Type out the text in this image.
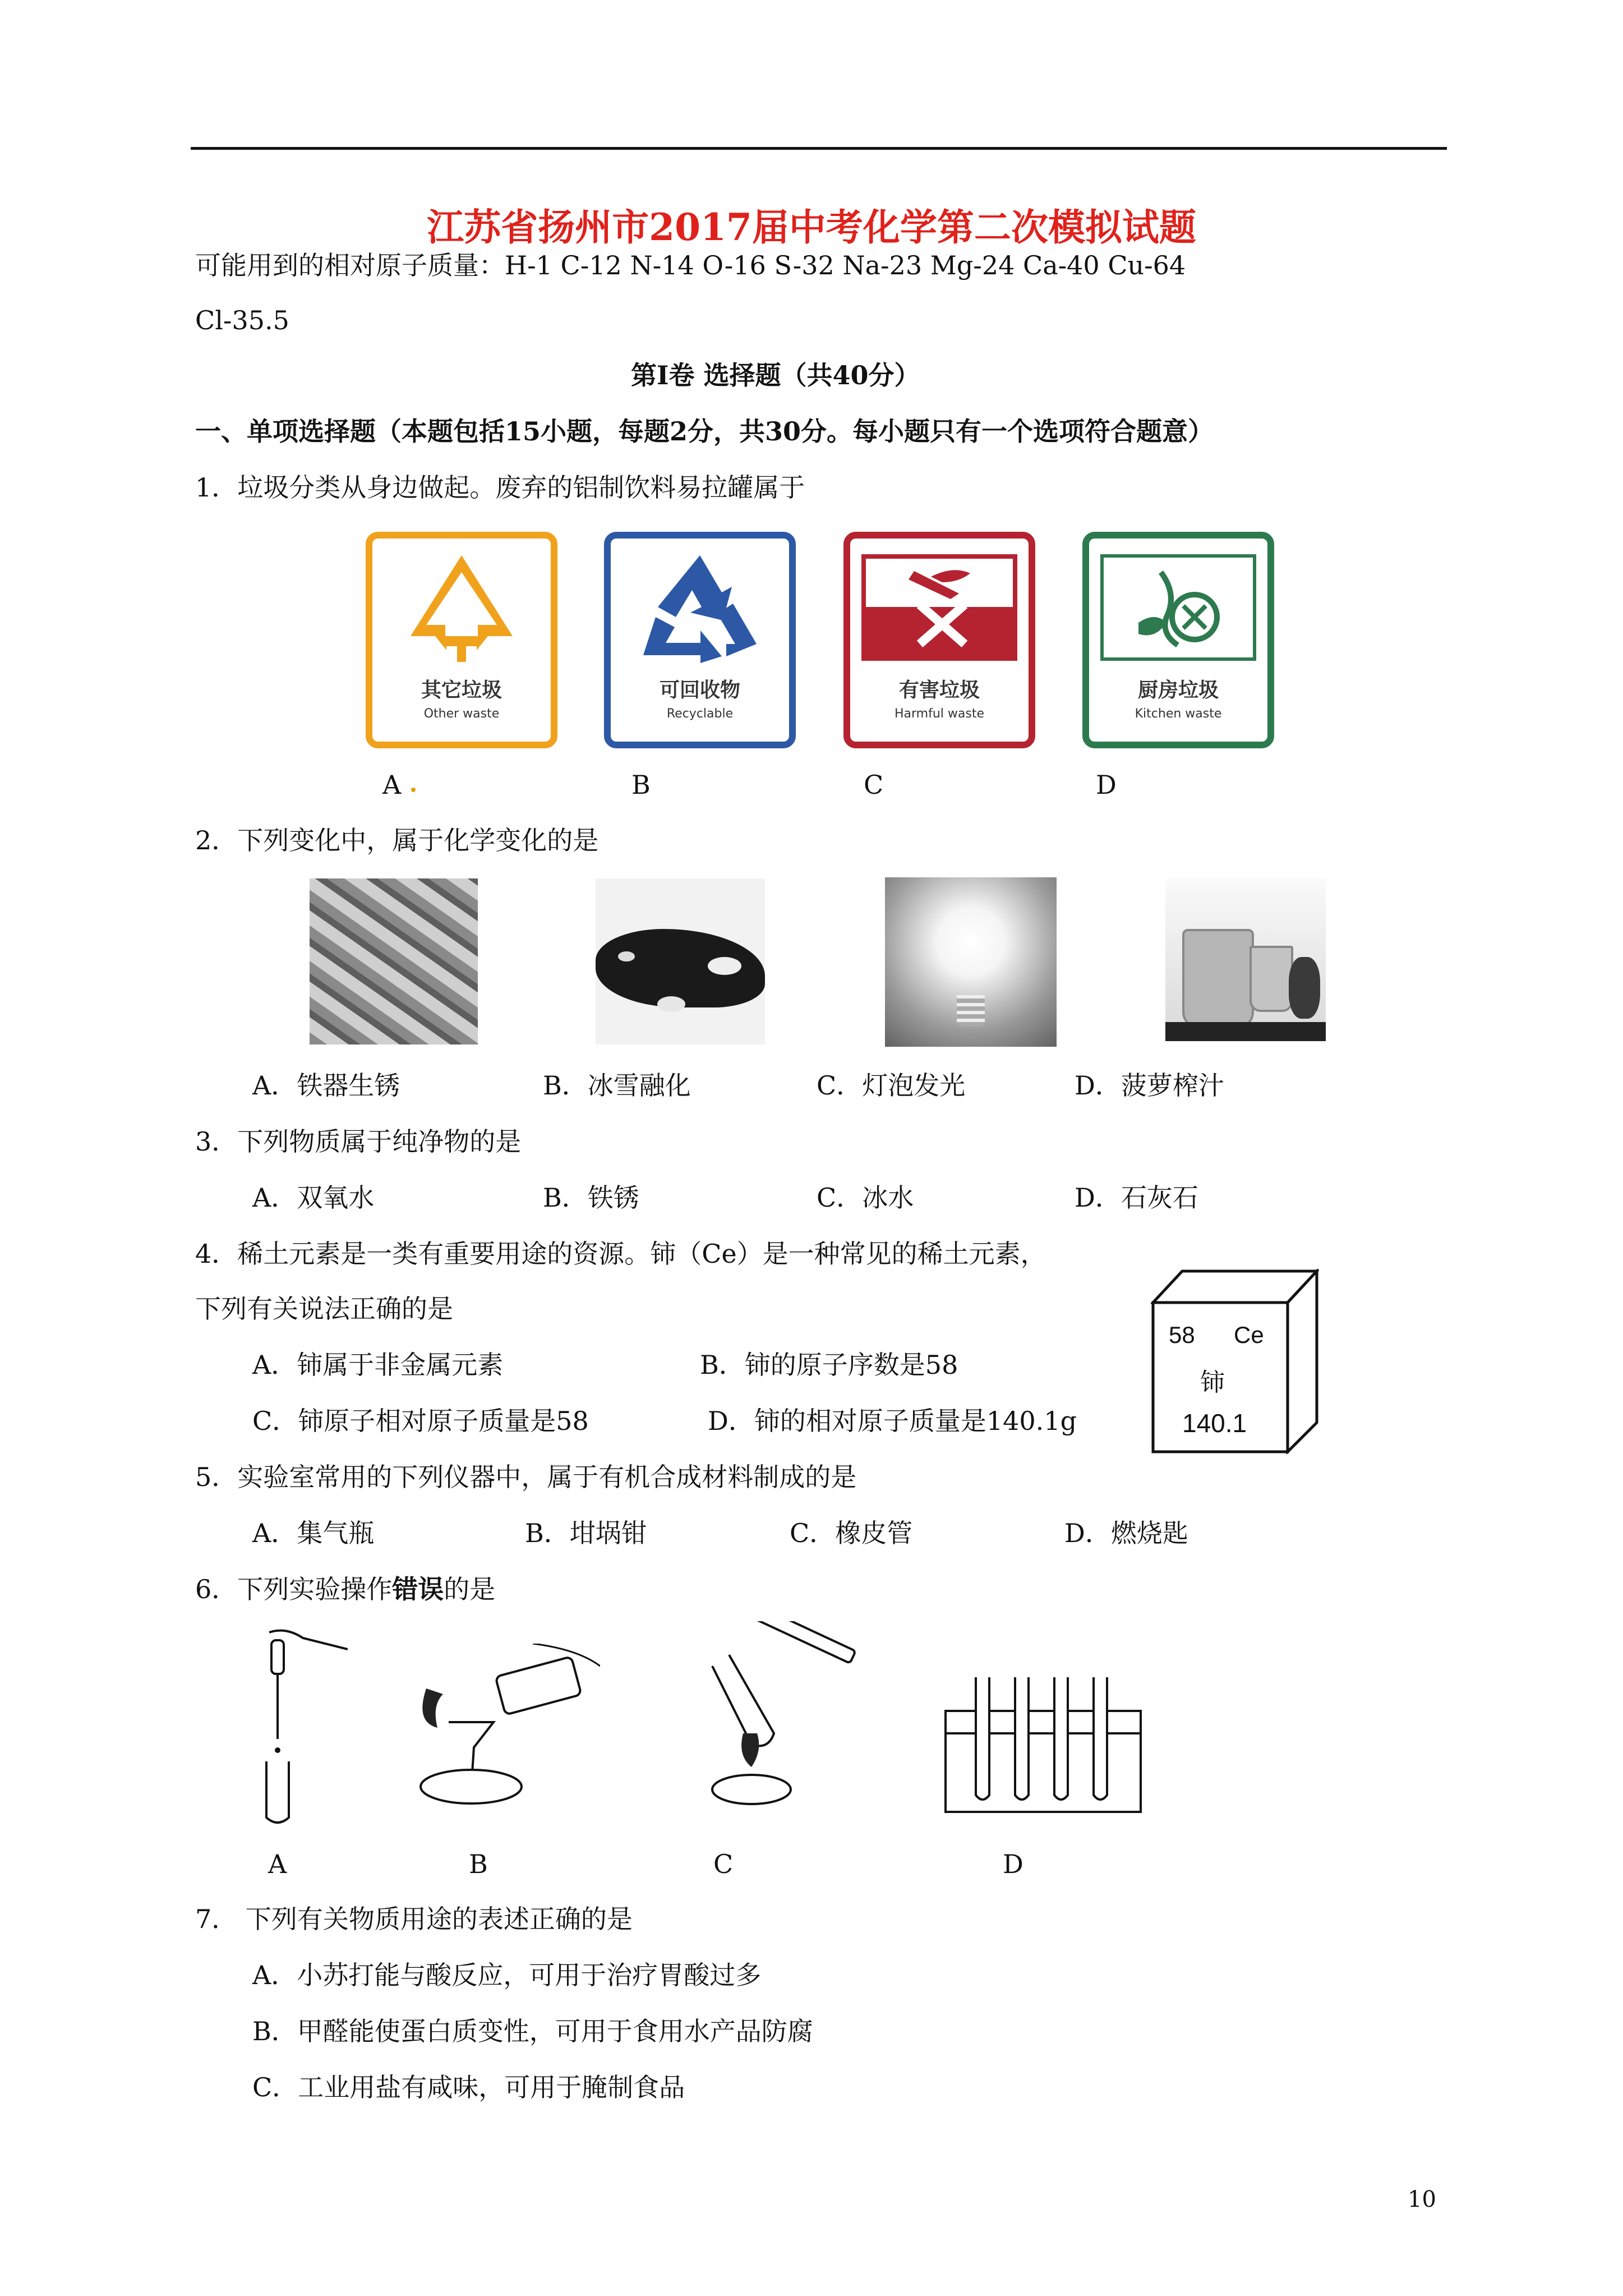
江苏省扬州市2017届中考化学第二次模拟试题
可能用到的相对原子质量：H-1 C-12 N-14 O-16 S-32 Na-23 Mg-24 Ca-40 Cu-64
Cl-35.5
第Ⅰ卷 选择题（共40分）
一、单项选择题（本题包括15小题，每题2分，共30分。每小题只有一个选项符合题意）
1．垃圾分类从身边做起。废弃的铝制饮料易拉罐属于
其它垃圾
Other waste
可回收物
Recyclable
有害垃圾
Harmful waste
厨房垃圾
Kitchen waste
A	B	C	D
2．下列变化中，属于化学变化的是
A．铁器生锈	B．冰雪融化	C．灯泡发光	D．菠萝榨汁
3．下列物质属于纯净物的是
A．双氧水	B．铁锈	C．冰水	D．石灰石
4．稀土元素是一类有重要用途的资源。铈（Ce）是一种常见的稀土元素，
下列有关说法正确的是
A．铈属于非金属元素	B．铈的原子序数是58
C．铈原子相对原子质量是58	D．铈的相对原子质量是140.1g
58 Ce
铈
140.1
5．实验室常用的下列仪器中，属于有机合成材料制成的是
A．集气瓶	B．坩埚钳	C．橡皮管	D．燃烧匙
6．下列实验操作错误的是
A	B	C	D
7． 下列有关物质用途的表述正确的是
A．小苏打能与酸反应，可用于治疗胃酸过多
B．甲醛能使蛋白质变性，可用于食用水产品防腐
C．工业用盐有咸味，可用于腌制食品
10
